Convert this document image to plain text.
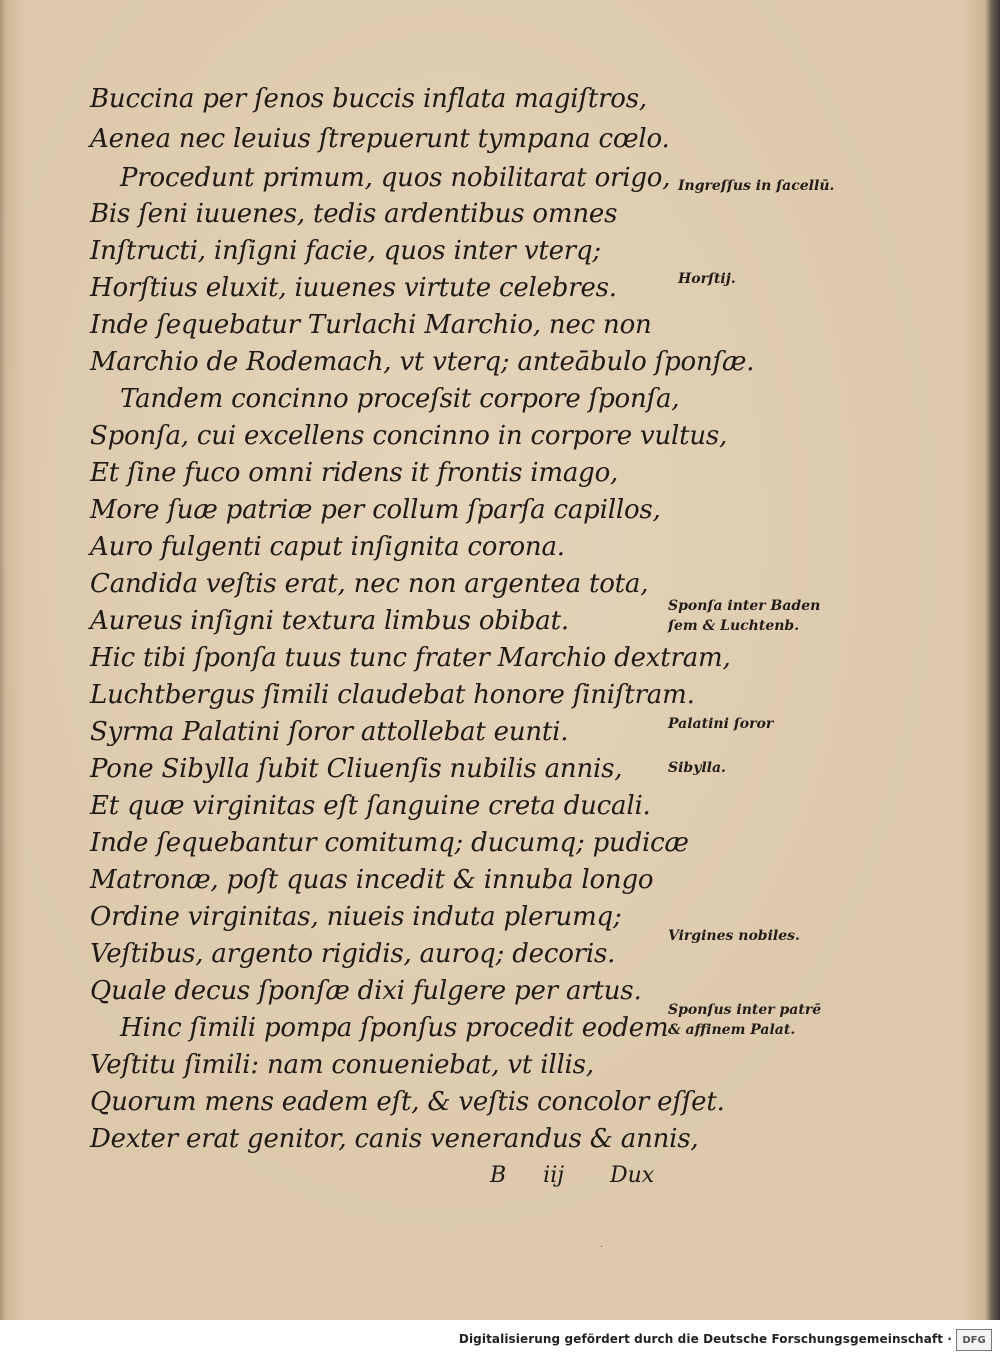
Buccina per ſenos buccis inflata magiſtros,
Aenea nec leuius ſtrepuerunt tympana cœlo.
Procedunt primum, quos nobilitarat origo,
Bis ſeni iuuenes, tedis ardentibus omnes
Inſtructi, inſigni facie, quos inter vterq;
Horſtius eluxit, iuuenes virtute celebres.
Inde ſequebatur Turlachi Marchio, nec non
Marchio de Rodemach, vt vterq; anteābulo ſponſæ.
Tandem concinno proceſsit corpore ſponſa,
Sponſa, cui excellens concinno in corpore vultus,
Et ſine fuco omni ridens it frontis imago,
More ſuæ patriæ per collum ſparſa capillos,
Auro fulgenti caput inſignita corona.
Candida veſtis erat, nec non argentea tota,
Aureus inſigni textura limbus obibat.
Hic tibi ſponſa tuus tunc frater Marchio dextram,
Luchtbergus ſimili claudebat honore ſiniſtram.
Syrma Palatini ſoror attollebat eunti.
Pone Sibylla ſubit Cliuenſis nubilis annis,
Et quæ virginitas eſt ſanguine creta ducali.
Inde ſequebantur comitumq; ducumq; pudicæ
Matronæ, poſt quas incedit & innuba longo
Ordine virginitas, niueis induta plerumq;
Veſtibus, argento rigidis, auroq; decoris.
Quale decus ſponſæ dixi fulgere per artus.
Hinc ſimili pompa ſponſus procedit eodem
Veſtitu ſimili: nam conueniebat, vt illis,
Quorum mens eadem eſt, & veſtis concolor eſſet.
Dexter erat genitor, canis venerandus & annis,
Ingreſſus in ſacellū.
Horſtij.
Sponſa inter Baden
ſem & Luchtenb.
Palatini ſoror
Sibylla.
Virgines nobiles.
Sponſus inter patrē
& affinem Palat.
B iij Dux
·
Digitalisierung gefördert durch die Deutsche Forschungsgemeinschaft ·	DFG
